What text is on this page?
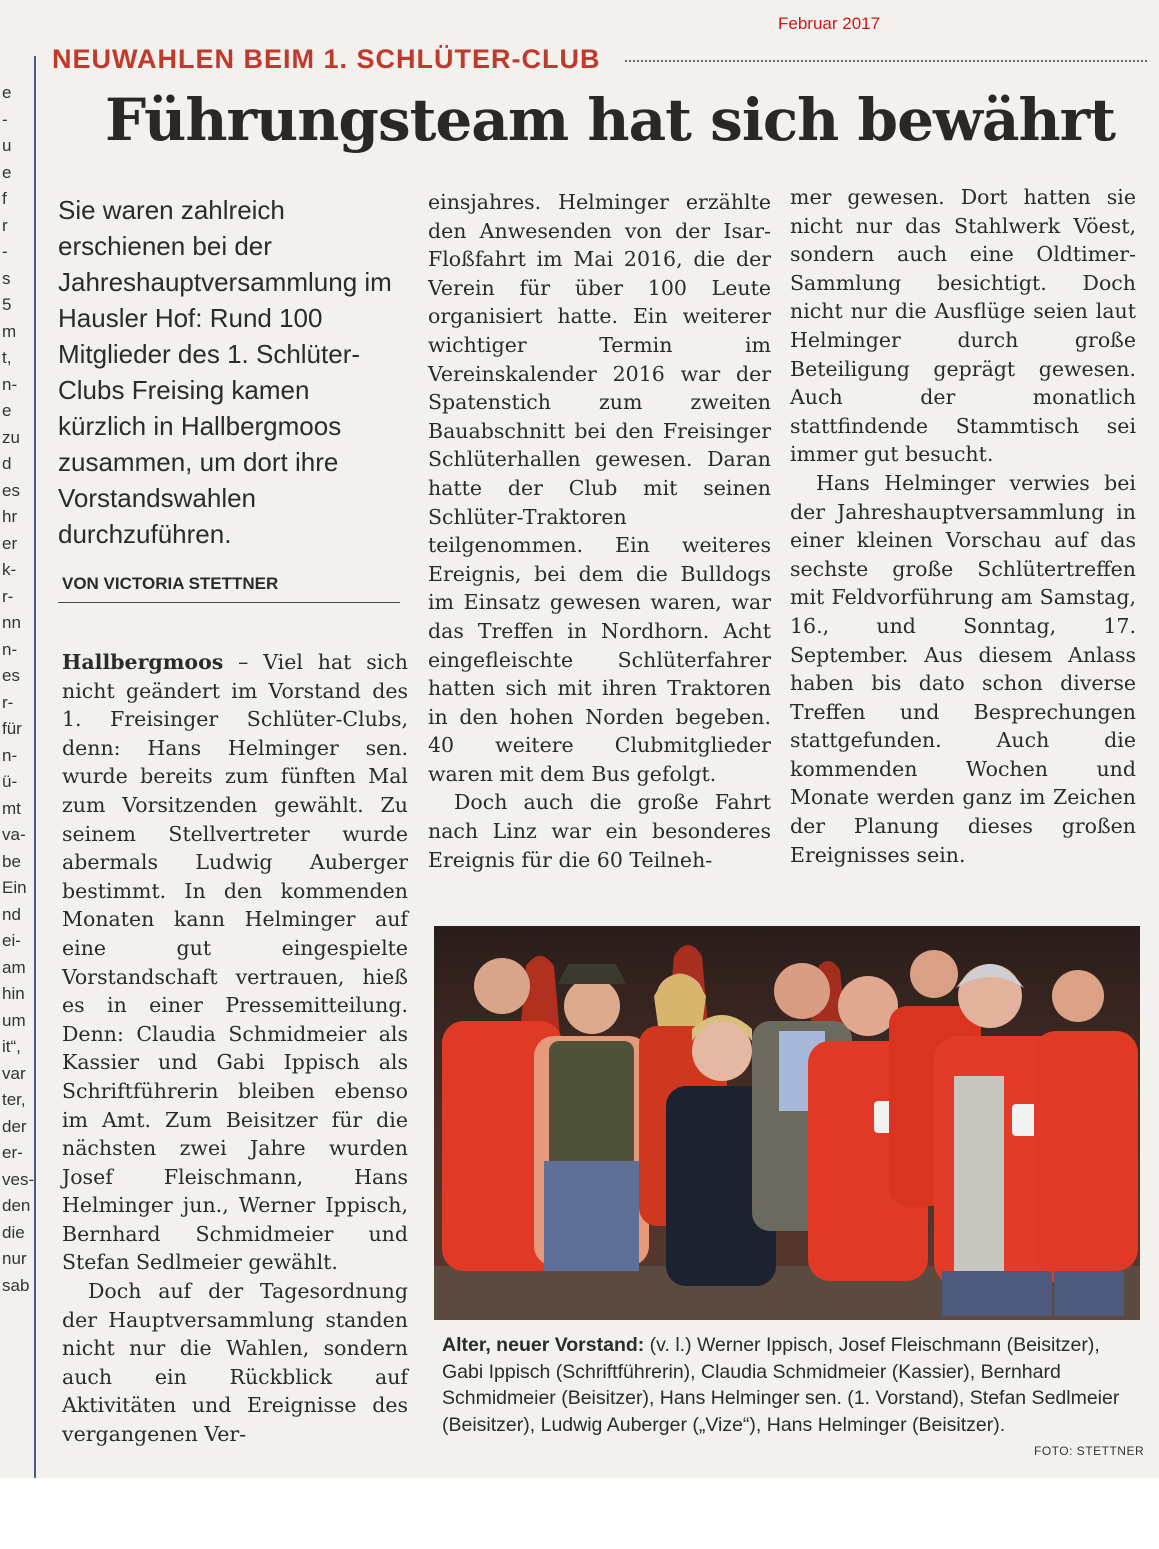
Februar 2017
e
-
u
e
f
r
-
s
5
m
t,
n-
e
zu
d
es
hr
er
k-
r-
nn
n-
es
r-
für
n-
ü-
mt
va-
be
Ein
nd
ei-
am
hin
um
it“,
var
ter,
der
er-
ves-
den
die
nur
sab
NEUWAHLEN BEIM 1. SCHLÜTER-CLUB
Führungsteam hat sich bewährt

Sie waren zahlreich erschienen bei der Jahreshauptversammlung im Hausler Hof: Rund 100 Mitglieder des 1. Schlüter-Clubs Freising kamen kürzlich in Hallbergmoos zusammen, um dort ihre Vorstandswahlen durchzuführen.

VON VICTORIA STETTNER

Hallbergmoos – Viel hat sich nicht geändert im Vorstand des 1. Freisinger Schlüter-Clubs, denn: Hans Helminger sen. wurde bereits zum fünften Mal zum Vorsitzenden gewählt. Zu seinem Stellvertreter wurde abermals Ludwig Auberger bestimmt. In den kommenden Monaten kann Helminger auf eine gut eingespielte Vorstandschaft vertrauen, hieß es in einer Pressemitteilung. Denn: Claudia Schmidmeier als Kassier und Gabi Ippisch als Schriftführerin bleiben ebenso im Amt. Zum Beisitzer für die nächsten zwei Jahre wurden Josef Fleischmann, Hans Helminger jun., Werner Ippisch, Bernhard Schmidmeier und Stefan Sedlmeier gewählt.

Doch auf der Tagesordnung der Hauptversammlung standen nicht nur die Wahlen, sondern auch ein Rückblick auf Aktivitäten und Ereignisse des vergangenen Ver-

einsjahres. Helminger erzählte den Anwesenden von der Isar-Floßfahrt im Mai 2016, die der Verein für über 100 Leute organisiert hatte. Ein weiterer wichtiger Termin im Vereinskalender 2016 war der Spatenstich zum zweiten Bauabschnitt bei den Freisinger Schlüterhallen gewesen. Daran hatte der Club mit seinen Schlüter-Traktoren teilgenommen. Ein weiteres Ereignis, bei dem die Bulldogs im Einsatz gewesen waren, war das Treffen in Nordhorn. Acht eingefleischte Schlüterfahrer hatten sich mit ihren Traktoren in den hohen Norden begeben. 40 weitere Clubmitglieder waren mit dem Bus gefolgt.

Doch auch die große Fahrt nach Linz war ein besonderes Ereignis für die 60 Teilneh-

mer gewesen. Dort hatten sie nicht nur das Stahlwerk Vöest, sondern auch eine Oldtimer-Sammlung besichtigt. Doch nicht nur die Ausflüge seien laut Helminger durch große Beteiligung geprägt gewesen. Auch der monatlich stattfindende Stammtisch sei immer gut besucht.

Hans Helminger verwies bei der Jahreshauptversammlung in einer kleinen Vorschau auf das sechste große Schlütertreffen mit Feldvorführung am Samstag, 16., und Sonntag, 17. September. Aus diesem Anlass haben bis dato schon diverse Treffen und Besprechungen stattgefunden. Auch die kommenden Wochen und Monate werden ganz im Zeichen der Planung dieses großen Ereignisses sein.

Alter, neuer Vorstand: (v. l.) Werner Ippisch, Josef Fleischmann (Beisitzer), Gabi Ippisch (Schriftführerin), Claudia Schmidmeier (Kassier), Bernhard Schmidmeier (Beisitzer), Hans Helminger sen. (1. Vorstand), Stefan Sedlmeier (Beisitzer), Ludwig Auberger („Vize“), Hans Helminger (Beisitzer).

FOTO: STETTNER
